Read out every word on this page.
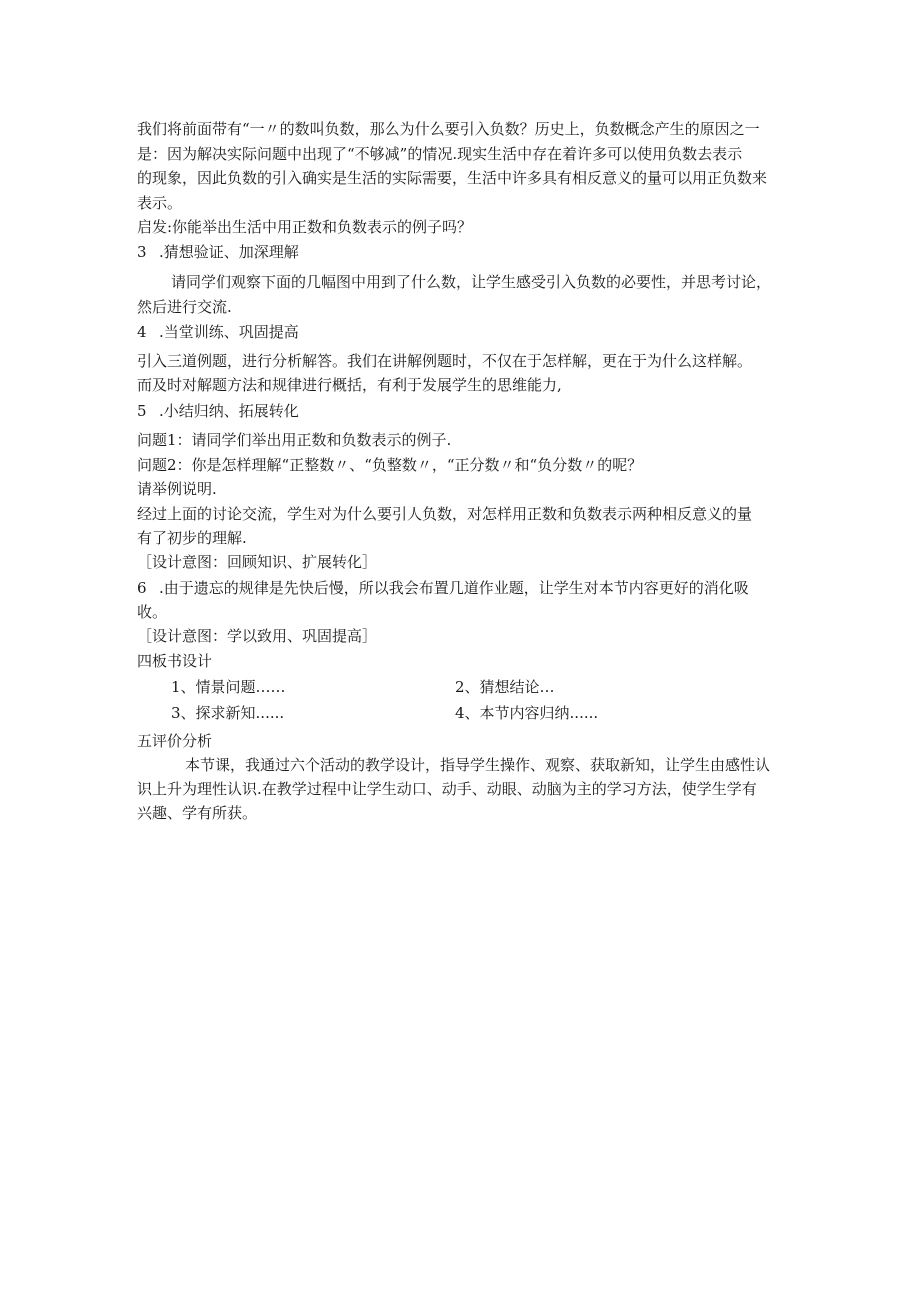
我们将前面带有“一〃的数叫负数，那么为什么要引入负数？历史上，负数概念产生的原因之一
是：因为解决实际问题中出现了“不够减”的情况.现实生活中存在着许多可以使用负数去表示
的现象，因此负数的引入确实是生活的实际需要，生活中许多具有相反意义的量可以用正负数来
表示。
启发:你能举出生活中用正数和负数表示的例子吗？
3 .猜想验证、加深理解
请同学们观察下面的几幅图中用到了什么数，让学生感受引入负数的必要性，并思考讨论，
然后进行交流.
4 .当堂训练、巩固提高
引入三道例题，进行分析解答。我们在讲解例题时，不仅在于怎样解，更在于为什么这样解。
而及时对解题方法和规律进行概括，有利于发展学生的思维能力,
5 .小结归纳、拓展转化
问题1：请同学们举出用正数和负数表示的例子.
问题2：你是怎样理解“正整数〃、“负整数〃，“正分数〃和“负分数〃的呢？
请举例说明.
经过上面的讨论交流，学生对为什么要引人负数，对怎样用正数和负数表示两种相反意义的量
有了初步的理解.
［设计意图：回顾知识、扩展转化］
6 .由于遗忘的规律是先快后慢，所以我会布置几道作业题，让学生对本节内容更好的消化吸
收。
［设计意图：学以致用、巩固提高］
四板书设计
1、情景问题……	2、猜想结论…
3、探求新知......	4、本节内容归纳......
五评价分析
本节课，我通过六个活动的教学设计，指导学生操作、观察、获取新知，让学生由感性认
识上升为理性认识.在教学过程中让学生动口、动手、动眼、动脑为主的学习方法，使学生学有
兴趣、学有所获。
